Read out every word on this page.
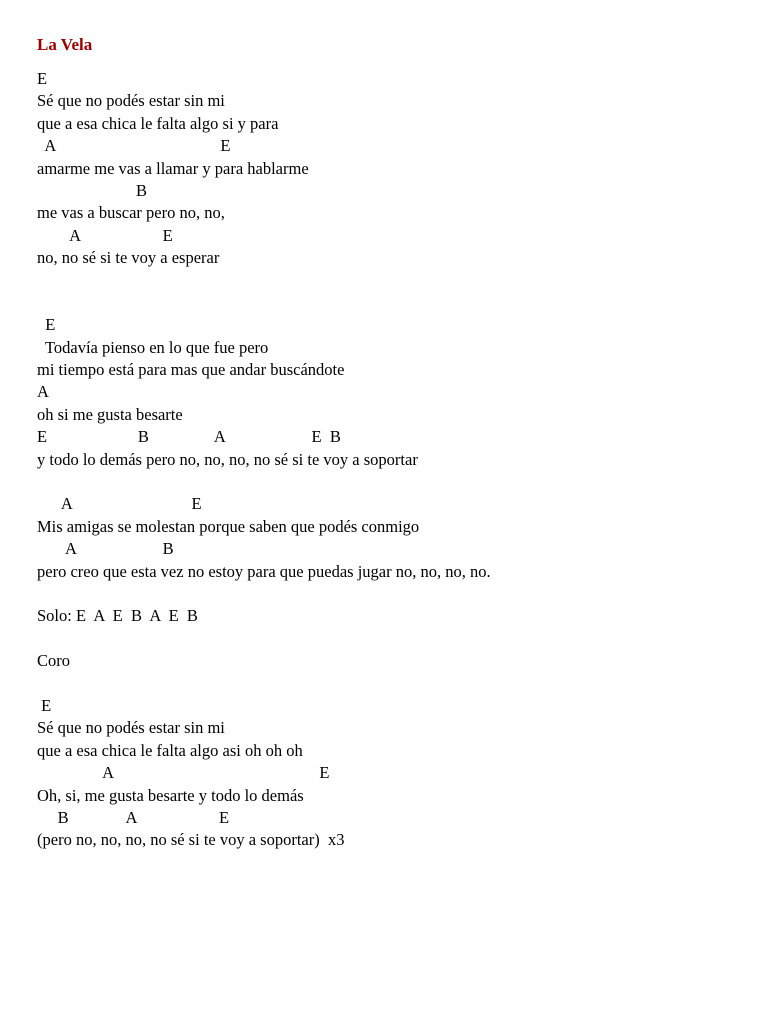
La Vela
E
Sé que no podés estar sin mi
que a esa chica le falta algo si y para
A                                        E
amarme me vas a llamar y para hablarme
B
me vas a buscar pero no, no,
A                    E
no, no sé si te voy a esperar
E
Todavía pienso en lo que fue pero
mi tiempo está para mas que andar buscándote
A
oh si me gusta besarte
E                      B                A                     E  B
y todo lo demás pero no, no, no, no sé si te voy a soportar
A                             E
Mis amigas se molestan porque saben que podés conmigo
A                     B
pero creo que esta vez no estoy para que puedas jugar no, no, no, no.
Solo: E  A  E  B  A  E  B
Coro
E
Sé que no podés estar sin mi
que a esa chica le falta algo asi oh oh oh
A                                                  E
Oh, si, me gusta besarte y todo lo demás
B              A                    E
(pero no, no, no, no sé si te voy a soportar)  x3
